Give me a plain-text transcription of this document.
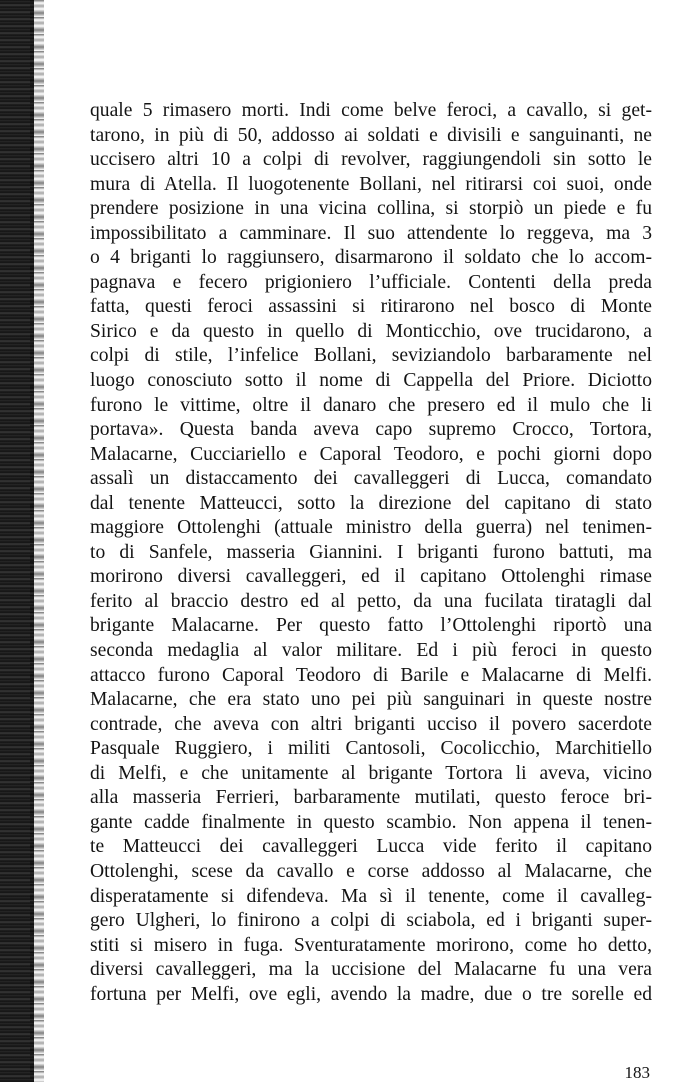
quale 5 rimasero morti. Indi come belve feroci, a cavallo, si get-
tarono, in più di 50, addosso ai soldati e divisili e sanguinanti, ne
uccisero altri 10 a colpi di revolver, raggiungendoli sin sotto le
mura di Atella. Il luogotenente Bollani, nel ritirarsi coi suoi, onde
prendere posizione in una vicina collina, si storpiò un piede e fu
impossibilitato a camminare. Il suo attendente lo reggeva, ma 3
o 4 briganti lo raggiunsero, disarmarono il soldato che lo accom-
pagnava e fecero prigioniero l’ufficiale. Contenti della preda
fatta, questi feroci assassini si ritirarono nel bosco di Monte
Sirico e da questo in quello di Monticchio, ove trucidarono, a
colpi di stile, l’infelice Bollani, seviziandolo barbaramente nel
luogo conosciuto sotto il nome di Cappella del Priore. Diciotto
furono le vittime, oltre il danaro che presero ed il mulo che li
portava». Questa banda aveva capo supremo Crocco, Tortora,
Malacarne, Cucciariello e Caporal Teodoro, e pochi giorni dopo
assalì un distaccamento dei cavalleggeri di Lucca, comandato
dal tenente Matteucci, sotto la direzione del capitano di stato
maggiore Ottolenghi (attuale ministro della guerra) nel tenimen-
to di Sanfele, masseria Giannini. I briganti furono battuti, ma
morirono diversi cavalleggeri, ed il capitano Ottolenghi rimase
ferito al braccio destro ed al petto, da una fucilata tiratagli dal
brigante Malacarne. Per questo fatto l’Ottolenghi riportò una
seconda medaglia al valor militare. Ed i più feroci in questo
attacco furono Caporal Teodoro di Barile e Malacarne di Melfi.
Malacarne, che era stato uno pei più sanguinari in queste nostre
contrade, che aveva con altri briganti ucciso il povero sacerdote
Pasquale Ruggiero, i militi Cantosoli, Cocolicchio, Marchitiello
di Melfi, e che unitamente al brigante Tortora li aveva, vicino
alla masseria Ferrieri, barbaramente mutilati, questo feroce bri-
gante cadde finalmente in questo scambio. Non appena il tenen-
te Matteucci dei cavalleggeri Lucca vide ferito il capitano
Ottolenghi, scese da cavallo e corse addosso al Malacarne, che
disperatamente si difendeva. Ma sì il tenente, come il cavalleg-
gero Ulgheri, lo finirono a colpi di sciabola, ed i briganti super-
stiti si misero in fuga. Sventuratamente morirono, come ho detto,
diversi cavalleggeri, ma la uccisione del Malacarne fu una vera
fortuna per Melfi, ove egli, avendo la madre, due o tre sorelle ed
183
